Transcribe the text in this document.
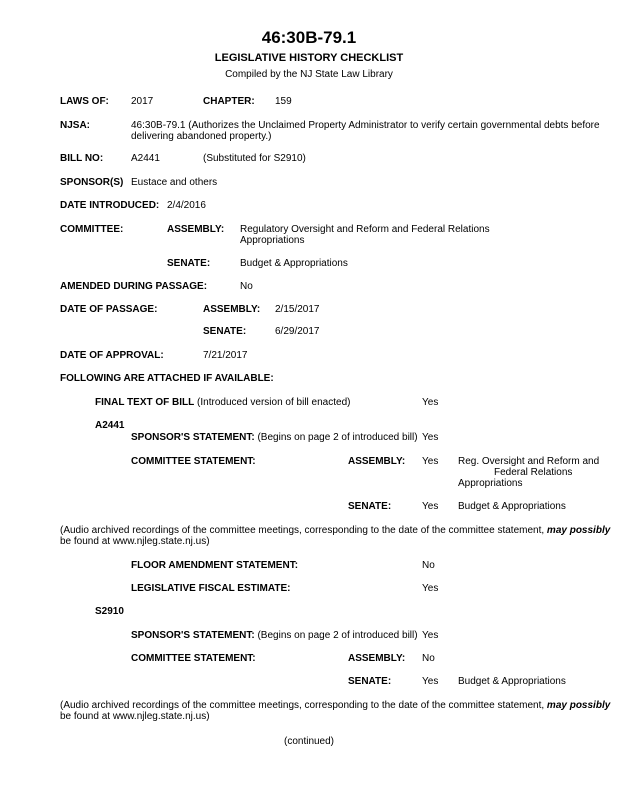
46:30B-79.1
LEGISLATIVE HISTORY CHECKLIST
Compiled by the NJ State Law Library
LAWS OF: 2017	CHAPTER: 159
NJSA:	46:30B-79.1 (Authorizes the Unclaimed Property Administrator to verify certain governmental debts before
delivering abandoned property.)
BILL NO:	A2441	(Substituted for S2910)
SPONSOR(S) Eustace and others
DATE INTRODUCED: 2/4/2016
COMMITTEE:	ASSEMBLY: Regulatory Oversight and Reform and Federal Relations
Appropriations
SENATE:	Budget & Appropriations
AMENDED DURING PASSAGE:	No
DATE OF PASSAGE:	ASSEMBLY: 2/15/2017
SENATE:	6/29/2017
DATE OF APPROVAL:	7/21/2017
FOLLOWING ARE ATTACHED IF AVAILABLE:
FINAL TEXT OF BILL (Introduced version of bill enacted)	Yes
A2441
SPONSOR'S STATEMENT: (Begins on page 2 of introduced bill) Yes
COMMITTEE STATEMENT:	ASSEMBLY: Yes Reg. Oversight and Reform and
Federal Relations
Appropriations
SENATE:	Yes Budget & Appropriations
(Audio archived recordings of the committee meetings, corresponding to the date of the committee statement, may possibly
be found at www.njleg.state.nj.us)
FLOOR AMENDMENT STATEMENT:	No
LEGISLATIVE FISCAL ESTIMATE:	Yes
S2910
SPONSOR'S STATEMENT: (Begins on page 2 of introduced bill) Yes
COMMITTEE STATEMENT:	ASSEMBLY: No
SENATE:	Yes Budget & Appropriations
(Audio archived recordings of the committee meetings, corresponding to the date of the committee statement, may possibly
be found at www.njleg.state.nj.us)
(continued)
